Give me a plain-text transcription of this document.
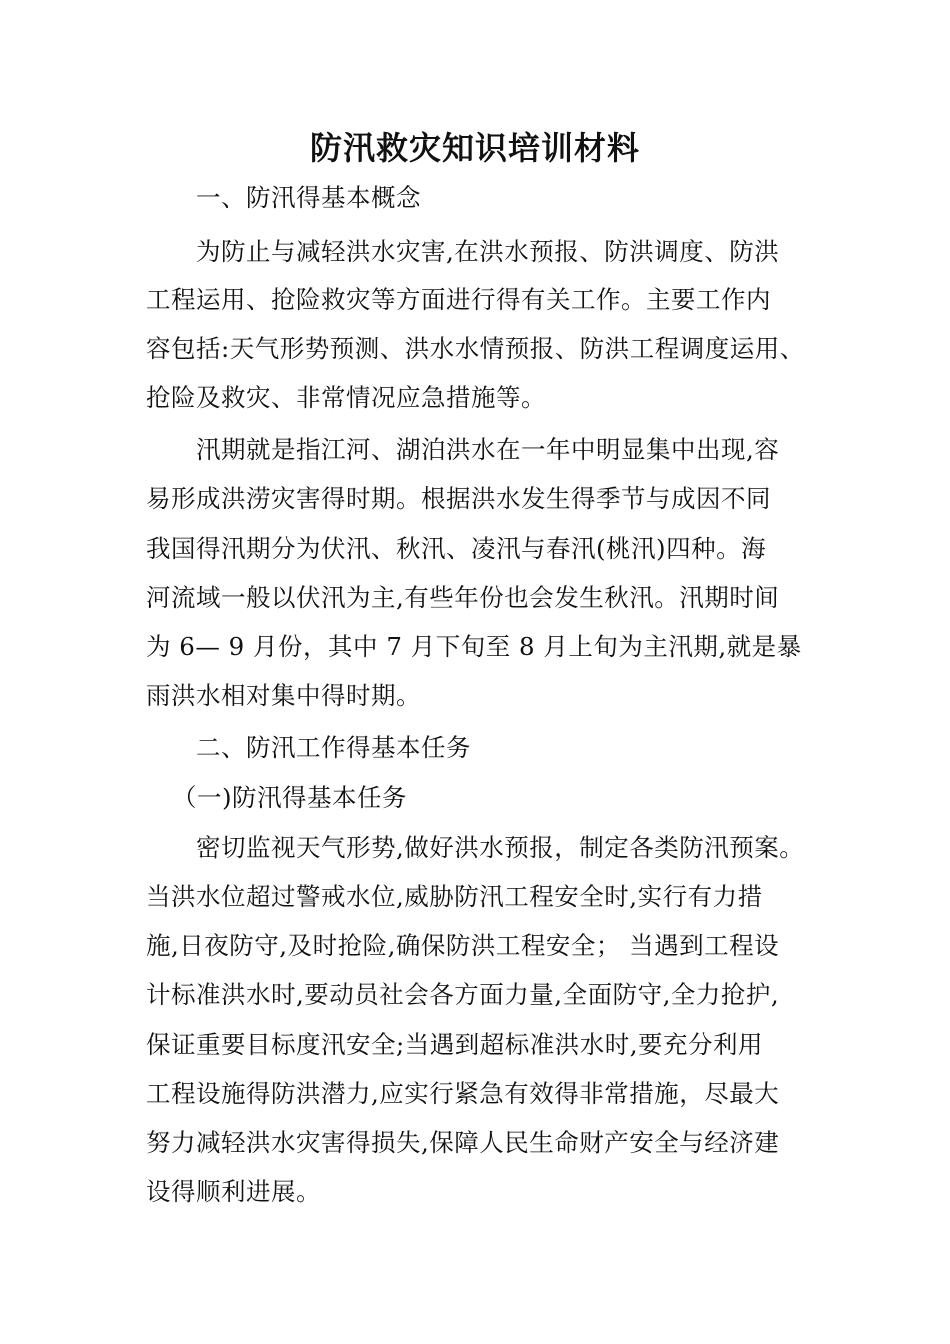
防汛救灾知识培训材料
一、防汛得基本概念
为防止与减轻洪水灾害,在洪水预报、防洪调度、防洪
工程运用、抢险救灾等方面进行得有关工作。主要工作内
容包括:天气形势预测、洪水水情预报、防洪工程调度运用、
抢险及救灾、非常情况应急措施等。
汛期就是指江河、湖泊洪水在一年中明显集中出现,容
易形成洪涝灾害得时期。根据洪水发生得季节与成因不同
我国得汛期分为伏汛、秋汛、凌汛与春汛(桃汛)四种。海
河流域一般以伏汛为主,有些年份也会发生秋汛。汛期时间
为 6— 9 月份，其中 7 月下旬至 8 月上旬为主汛期,就是暴
雨洪水相对集中得时期。
二、防汛工作得基本任务
（一)防汛得基本任务
密切监视天气形势,做好洪水预报，制定各类防汛预案。
当洪水位超过警戒水位,威胁防汛工程安全时,实行有力措
施,日夜防守,及时抢险,确保防洪工程安全； 当遇到工程设
计标准洪水时,要动员社会各方面力量,全面防守,全力抢护,
保证重要目标度汛安全;当遇到超标准洪水时,要充分利用
工程设施得防洪潜力,应实行紧急有效得非常措施，尽最大
努力减轻洪水灾害得损失,保障人民生命财产安全与经济建
设得顺利进展。
